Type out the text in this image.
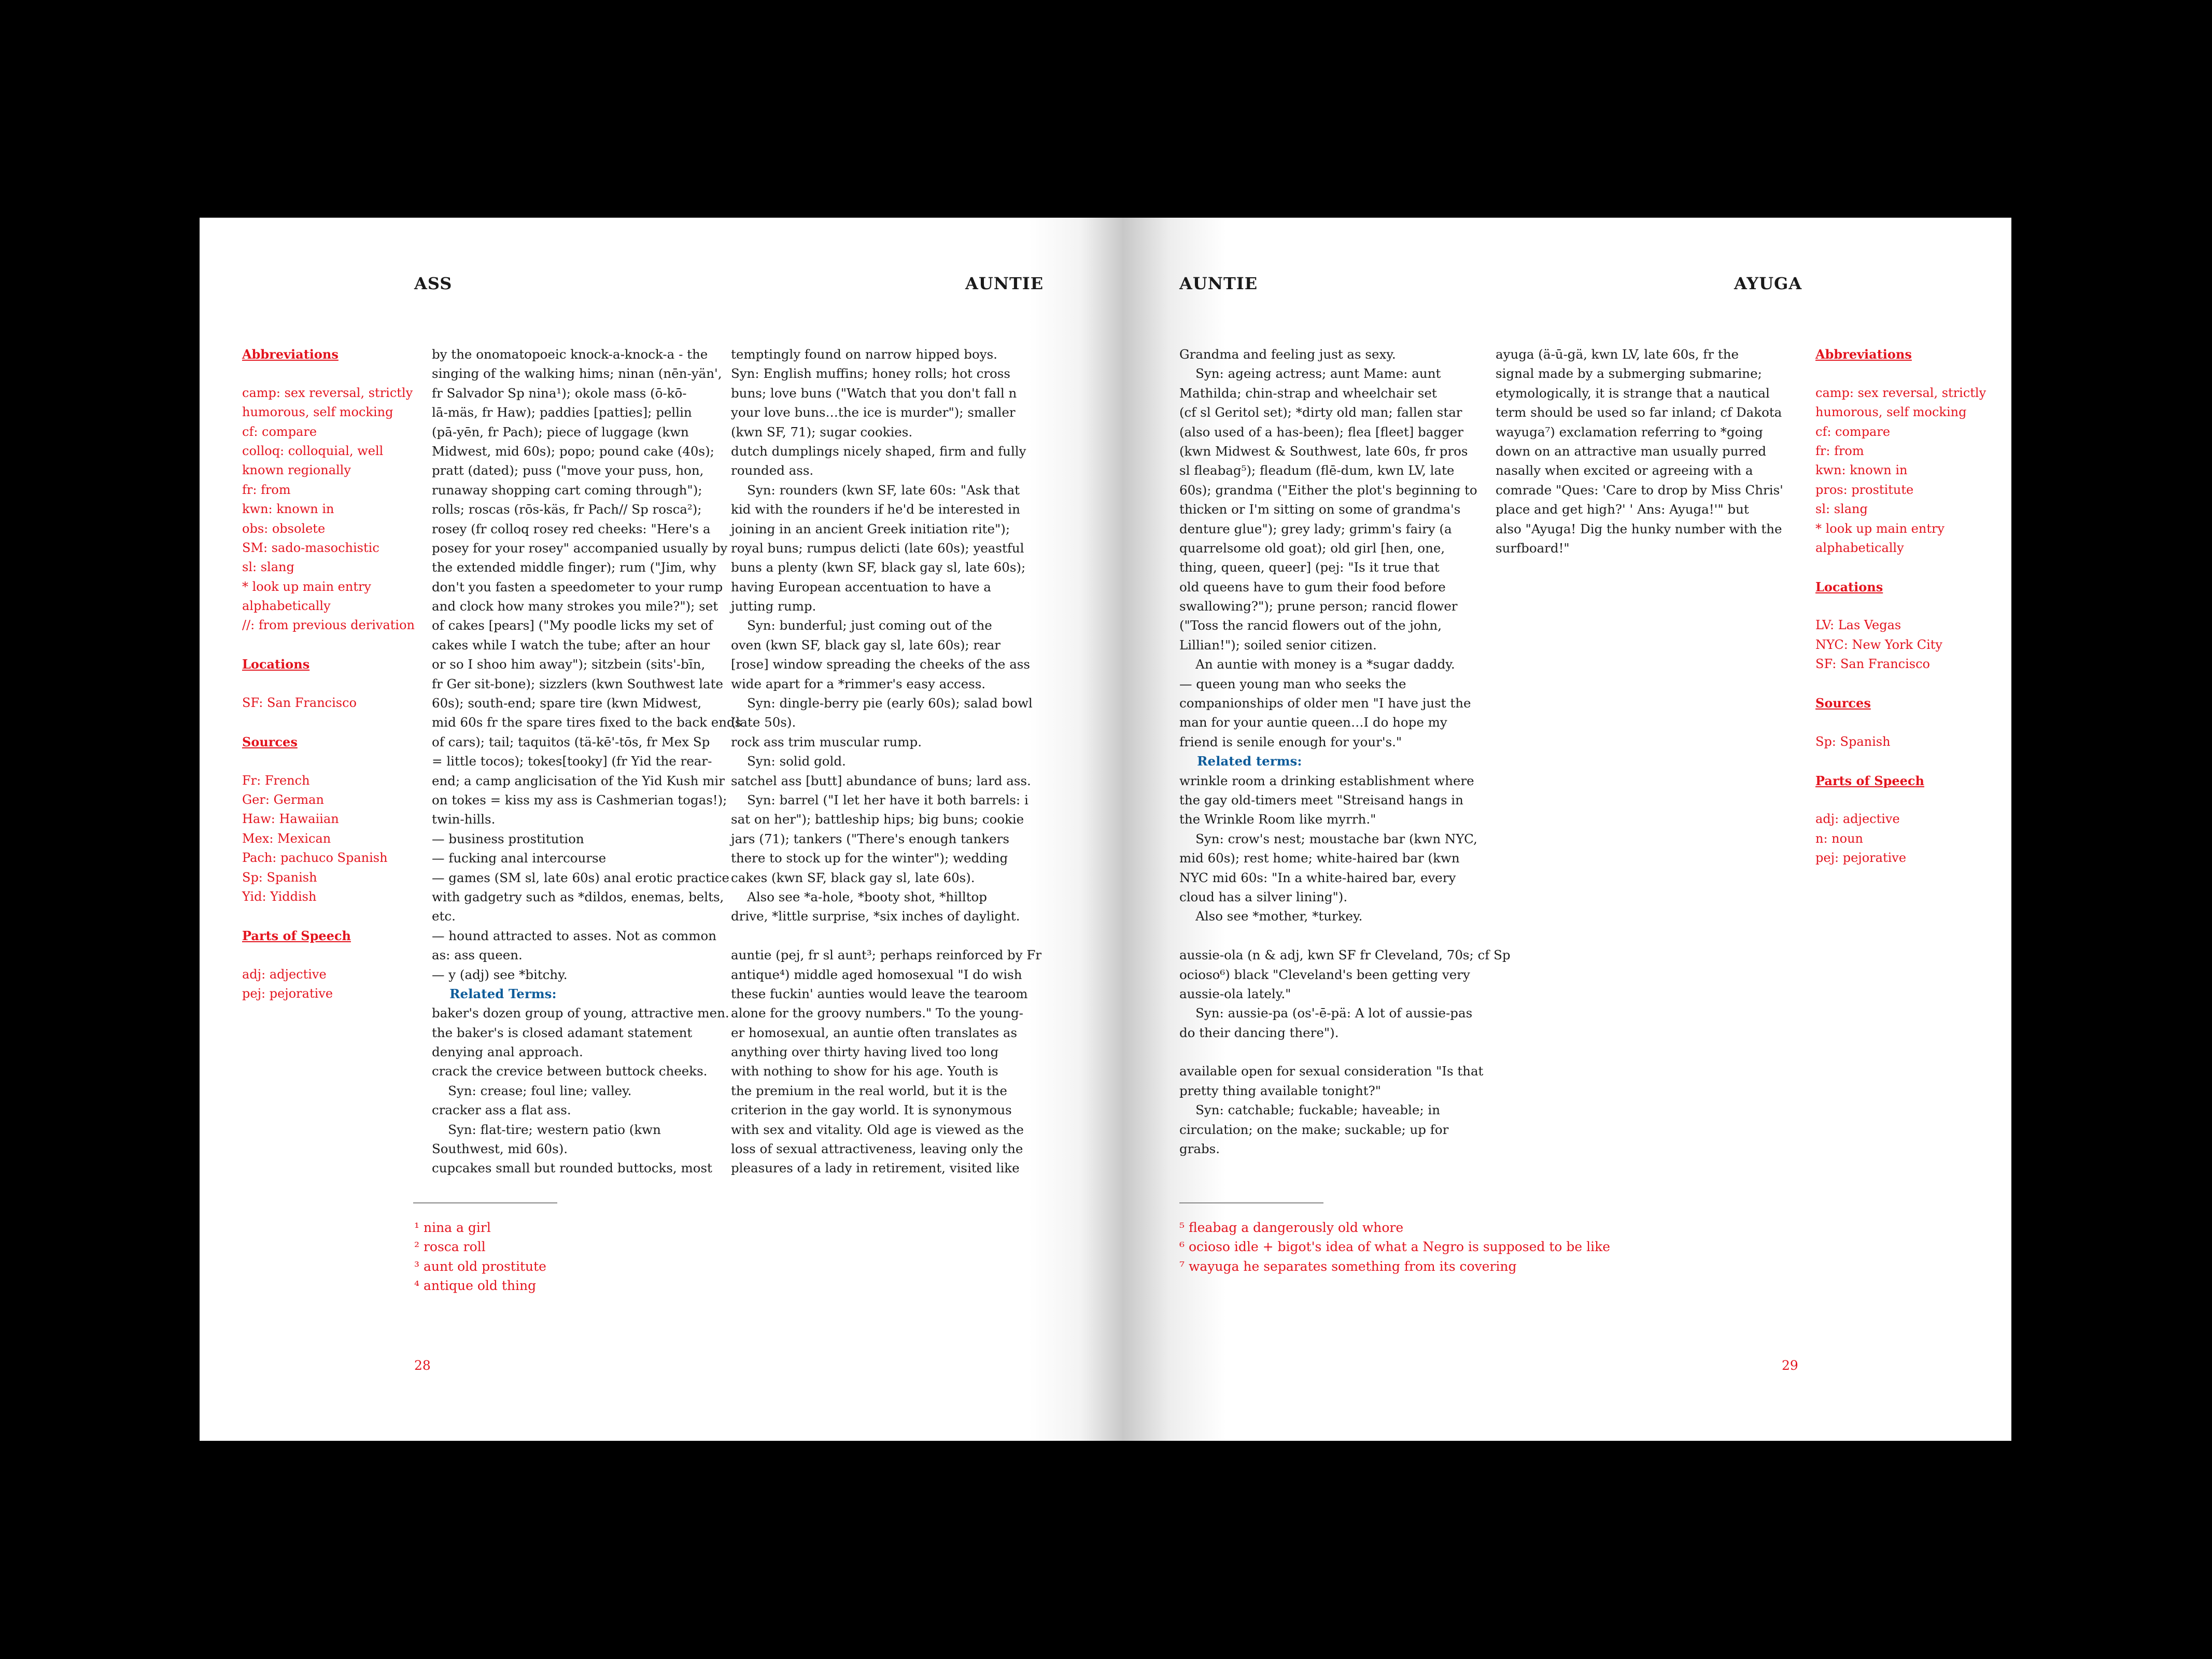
ASS	AUNTIE
Abbreviations

camp: sex reversal, strictly
humorous, self mocking
cf: compare
colloq: colloquial, well
known regionally
fr: from
kwn: known in
obs: obsolete
SM: sado-masochistic
sl: slang
* look up main entry
alphabetically
//: from previous derivation

Locations

SF: San Francisco

Sources

Fr: French
Ger: German
Haw: Hawaiian
Mex: Mexican
Pach: pachuco Spanish
Sp: Spanish
Yid: Yiddish

Parts of Speech

adj: adjective
pej: pejorative
by the onomatopoeic knock-a-knock-a - the
singing of the walking hims; ninan (nēn-yän',
fr Salvador Sp nina¹); okole mass (ō-kō-
lā-mäs, fr Haw); paddies [patties]; pellin
(pā-yēn, fr Pach); piece of luggage (kwn
Midwest, mid 60s); popo; pound cake (40s);
pratt (dated); puss ("move your puss, hon,
runaway shopping cart coming through");
rolls; roscas (rōs-käs, fr Pach// Sp rosca²);
rosey (fr colloq rosey red cheeks: "Here's a
posey for your rosey" accompanied usually by
the extended middle finger); rum ("Jim, why
don't you fasten a speedometer to your rump
and clock how many strokes you mile?"); set
of cakes [pears] ("My poodle licks my set of
cakes while I watch the tube; after an hour
or so I shoo him away"); sitzbein (sits'-bīn,
fr Ger sit-bone); sizzlers (kwn Southwest late
60s); south-end; spare tire (kwn Midwest,
mid 60s fr the spare tires fixed to the back ends
of cars); tail; taquitos (tä-kē'-tōs, fr Mex Sp
= little tocos); tokes[tooky] (fr Yid the rear-
end; a camp anglicisation of the Yid Kush mir
on tokes = kiss my ass is Cashmerian togas!);
twin-hills.
— business prostitution
— fucking anal intercourse
— games (SM sl, late 60s) anal erotic practice
with gadgetry such as *dildos, enemas, belts,
etc.
— hound attracted to asses. Not as common
as: ass queen.
— y (adj) see *bitchy.
Related Terms:
baker's dozen group of young, attractive men.
the baker's is closed adamant statement
denying anal approach.
crack the crevice between buttock cheeks.
Syn: crease; foul line; valley.
cracker ass a flat ass.
Syn: flat-tire; western patio (kwn
Southwest, mid 60s).
cupcakes small but rounded buttocks, most
temptingly found on narrow hipped boys.
Syn: English muffins; honey rolls; hot cross
buns; love buns ("Watch that you don't fall n
your love buns…the ice is murder"); smaller
(kwn SF, 71); sugar cookies.
dutch dumplings nicely shaped, firm and fully
rounded ass.
Syn: rounders (kwn SF, late 60s: "Ask that
kid with the rounders if he'd be interested in
joining in an ancient Greek initiation rite");
royal buns; rumpus delicti (late 60s); yeastful
buns a plenty (kwn SF, black gay sl, late 60s);
having European accentuation to have a
jutting rump.
Syn: bunderful; just coming out of the
oven (kwn SF, black gay sl, late 60s); rear
[rose] window spreading the cheeks of the ass
wide apart for a *rimmer's easy access.
Syn: dingle-berry pie (early 60s); salad bowl
(late 50s).
rock ass trim muscular rump.
Syn: solid gold.
satchel ass [butt] abundance of buns; lard ass.
Syn: barrel ("I let her have it both barrels: i
sat on her"); battleship hips; big buns; cookie
jars (71); tankers ("There's enough tankers
there to stock up for the winter"); wedding
cakes (kwn SF, black gay sl, late 60s).
Also see *a-hole, *booty shot, *hilltop
drive, *little surprise, *six inches of daylight.

auntie (pej, fr sl aunt³; perhaps reinforced by Fr
antique⁴) middle aged homosexual "I do wish
these fuckin' aunties would leave the tearoom
alone for the groovy numbers." To the young-
er homosexual, an auntie often translates as
anything over thirty having lived too long
with nothing to show for his age. Youth is
the premium in the real world, but it is the
criterion in the gay world. It is synonymous
with sex and vitality. Old age is viewed as the
loss of sexual attractiveness, leaving only the
pleasures of a lady in retirement, visited like
¹ nina a girl
² rosca roll
³ aunt old prostitute
⁴ antique old thing
28
AUNTIE	AYUGA
Grandma and feeling just as sexy.
Syn: ageing actress; aunt Mame: aunt
Mathilda; chin-strap and wheelchair set
(cf sl Geritol set); *dirty old man; fallen star
(also used of a has-been); flea [fleet] bagger
(kwn Midwest & Southwest, late 60s, fr pros
sl fleabag⁵); fleadum (flē-dum, kwn LV, late
60s); grandma ("Either the plot's beginning to
thicken or I'm sitting on some of grandma's
denture glue"); grey lady; grimm's fairy (a
quarrelsome old goat); old girl [hen, one,
thing, queen, queer] (pej: "Is it true that
old queens have to gum their food before
swallowing?"); prune person; rancid flower
("Toss the rancid flowers out of the john,
Lillian!"); soiled senior citizen.
An auntie with money is a *sugar daddy.
— queen young man who seeks the
companionships of older men "I have just the
man for your auntie queen…I do hope my
friend is senile enough for your's."
Related terms:
wrinkle room a drinking establishment where
the gay old-timers meet "Streisand hangs in
the Wrinkle Room like myrrh."
Syn: crow's nest; moustache bar (kwn NYC,
mid 60s); rest home; white-haired bar (kwn
NYC mid 60s: "In a white-haired bar, every
cloud has a silver lining").
Also see *mother, *turkey.

aussie-ola (n & adj, kwn SF fr Cleveland, 70s; cf Sp
ocioso⁶) black "Cleveland's been getting very
aussie-ola lately."
Syn: aussie-pa (os'-ē-pä: A lot of aussie-pas
do their dancing there").

available open for sexual consideration "Is that
pretty thing available tonight?"
Syn: catchable; fuckable; haveable; in
circulation; on the make; suckable; up for
grabs.
ayuga (ä-ū-gä, kwn LV, late 60s, fr the
signal made by a submerging submarine;
etymologically, it is strange that a nautical
term should be used so far inland; cf Dakota
wayuga⁷) exclamation referring to *going
down on an attractive man usually purred
nasally when excited or agreeing with a
comrade "Ques: 'Care to drop by Miss Chris'
place and get high?' ' Ans: Ayuga!'" but
also "Ayuga! Dig the hunky number with the
surfboard!"
Abbreviations

camp: sex reversal, strictly
humorous, self mocking
cf: compare
fr: from
kwn: known in
pros: prostitute
sl: slang
* look up main entry
alphabetically

Locations

LV: Las Vegas
NYC: New York City
SF: San Francisco

Sources

Sp: Spanish

Parts of Speech

adj: adjective
n: noun
pej: pejorative
⁵ fleabag a dangerously old whore
⁶ ocioso idle + bigot's idea of what a Negro is supposed to be like
⁷ wayuga he separates something from its covering
29
